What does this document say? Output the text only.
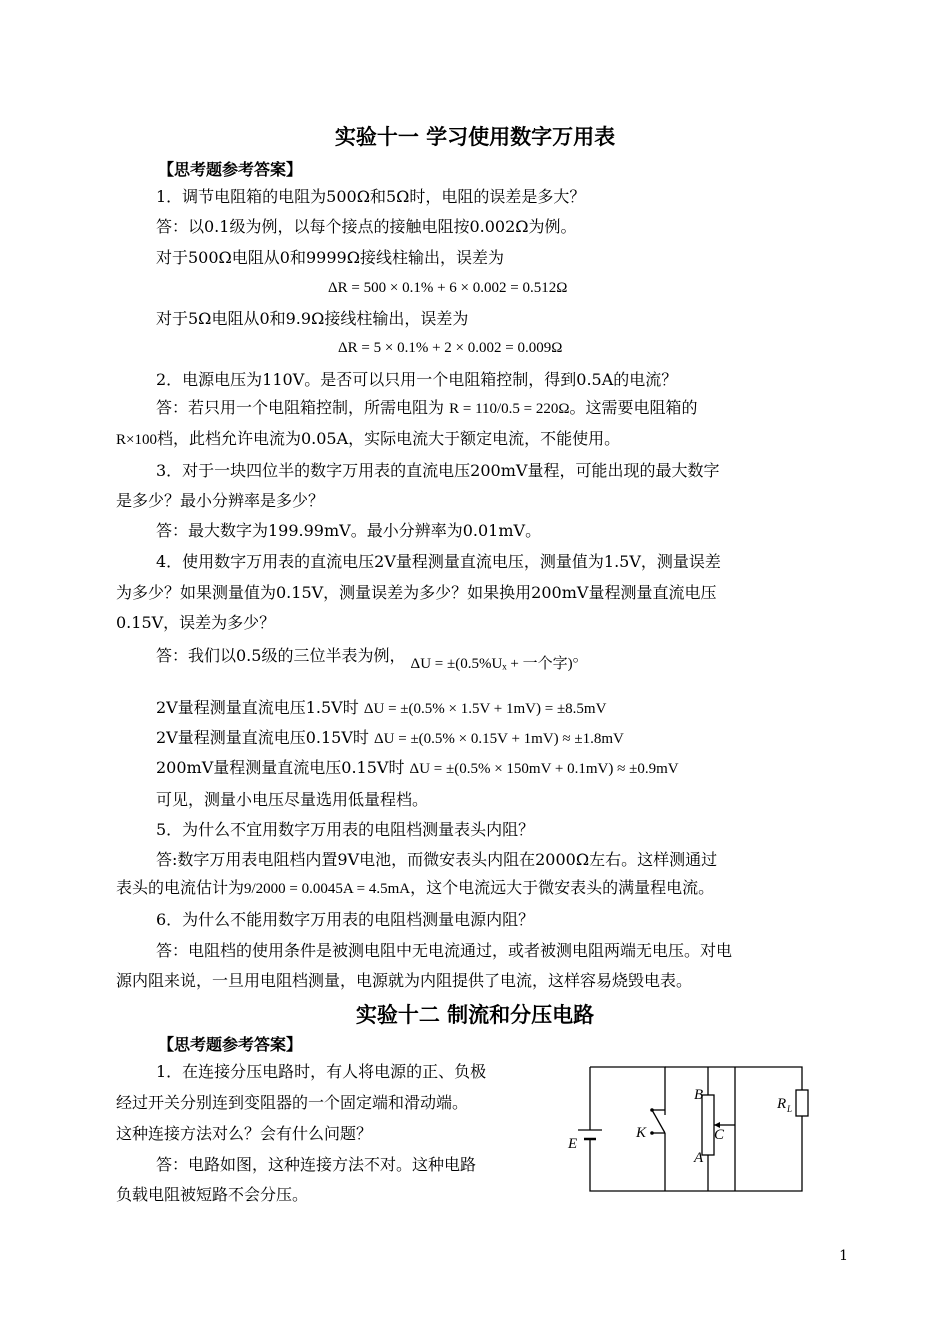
实验十一 学习使用数字万用表
【思考题参考答案】
1．调节电阻箱的电阻为500Ω和5Ω时，电阻的误差是多大？
答：以0.1级为例，以每个接点的接触电阻按0.002Ω为例。
对于500Ω电阻从0和9999Ω接线柱输出，误差为
ΔR = 500 × 0.1% + 6 × 0.002 = 0.512Ω
对于5Ω电阻从0和9.9Ω接线柱输出，误差为
ΔR = 5 × 0.1% + 2 × 0.002 = 0.009Ω
2．电源电压为110V。是否可以只用一个电阻箱控制，得到0.5A的电流？
答：若只用一个电阻箱控制，所需电阻为 R = 110/0.5 = 220Ω。这需要电阻箱的
R×100档，此档允许电流为0.05A，实际电流大于额定电流，不能使用。
3．对于一块四位半的数字万用表的直流电压200mV量程，可能出现的最大数字
是多少？最小分辨率是多少？
答：最大数字为199.99mV。最小分辨率为0.01mV。
4．使用数字万用表的直流电压2V量程测量直流电压，测量值为1.5V，测量误差
为多少？如果测量值为0.15V，测量误差为多少？如果换用200mV量程测量直流电压
0.15V，误差为多少？
答：我们以0.5级的三位半表为例， ΔU = ±(0.5%Uₓ + 一个字)。
2V量程测量直流电压1.5V时 ΔU = ±(0.5% × 1.5V + 1mV) = ±8.5mV
2V量程测量直流电压0.15V时 ΔU = ±(0.5% × 0.15V + 1mV) ≈ ±1.8mV
200mV量程测量直流电压0.15V时 ΔU = ±(0.5% × 150mV + 0.1mV) ≈ ±0.9mV
可见，测量小电压尽量选用低量程档。
5．为什么不宜用数字万用表的电阻档测量表头内阻？
答:数字万用表电阻档内置9V电池，而微安表头内阻在2000Ω左右。这样测通过
表头的电流估计为9/2000 = 0.0045A = 4.5mA，这个电流远大于微安表头的满量程电流。
6．为什么不能用数字万用表的电阻档测量电源内阻？
答：电阻档的使用条件是被测电阻中无电流通过，或者被测电阻两端无电压。对电
源内阻来说，一旦用电阻档测量，电源就为内阻提供了电流，这样容易烧毁电表。
实验十二 制流和分压电路
【思考题参考答案】
1．在连接分压电路时，有人将电源的正、负极
经过开关分别连到变阻器的一个固定端和滑动端。
这种连接方法对么？会有什么问题？
答：电路如图，这种连接方法不对。这种电路
负载电阻被短路不会分压。
E
K
B
C
A
R L
1
